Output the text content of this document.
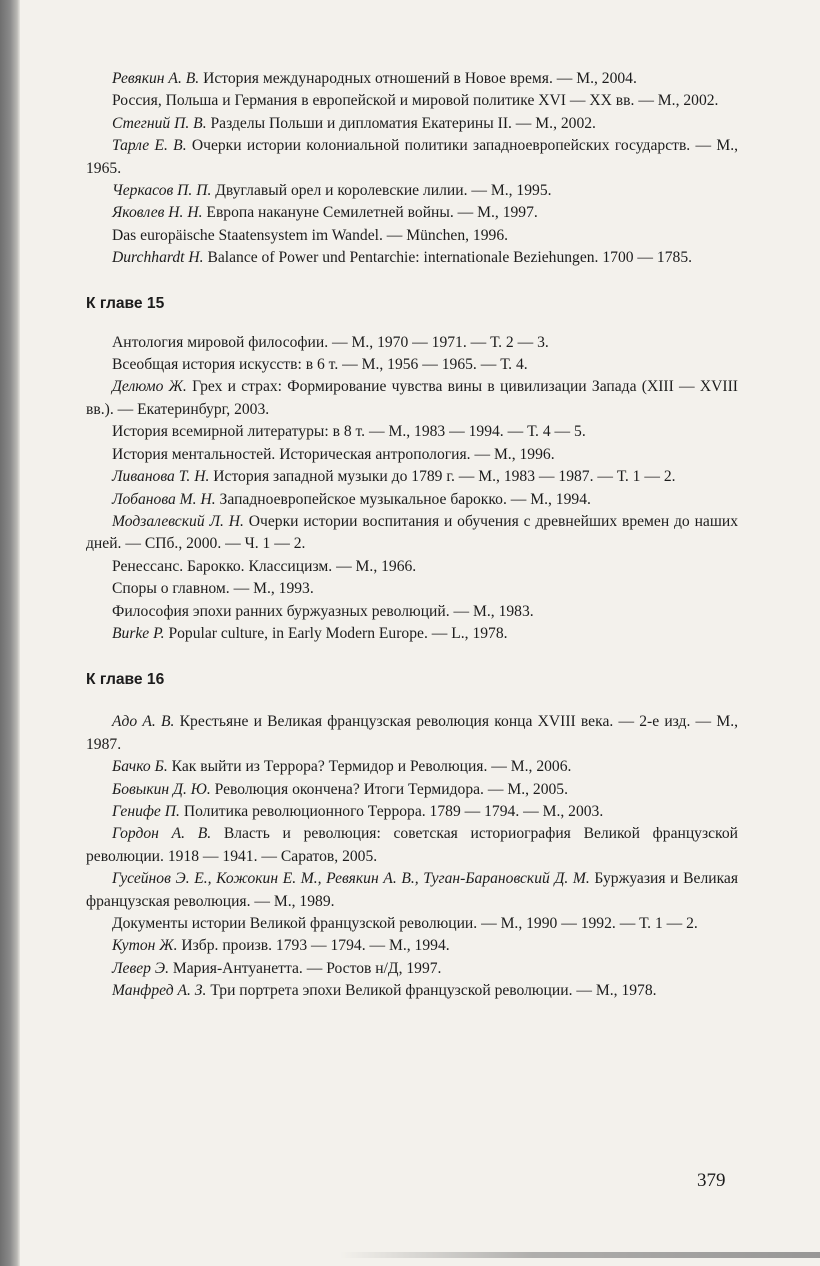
Ревякин А. В. История международных отношений в Новое время. — М., 2004.

Россия, Польша и Германия в европейской и мировой политике XVI — XX вв. — М., 2002.

Стегний П. В. Разделы Польши и дипломатия Екатерины II. — М., 2002.

Тарле Е. В. Очерки истории колониальной политики западноевропейских государств. — М., 1965.

Черкасов П. П. Двуглавый орел и королевские лилии. — М., 1995.

Яковлев Н. Н. Европа накануне Семилетней войны. — М., 1997.

Das europäische Staatensystem im Wandel. — München, 1996.

Durchhardt H. Balance of Power und Pentarchie: internationale Beziehungen. 1700 — 1785.

К главе 15

Антология мировой философии. — М., 1970 — 1971. — Т. 2 — 3.

Всеобщая история искусств: в 6 т. — М., 1956 — 1965. — Т. 4.

Делюмо Ж. Грех и страх: Формирование чувства вины в цивилизации Запада (XIII — XVIII вв.). — Екатеринбург, 2003.

История всемирной литературы: в 8 т. — М., 1983 — 1994. — Т. 4 — 5.

История ментальностей. Историческая антропология. — М., 1996.

Ливанова Т. Н. История западной музыки до 1789 г. — М., 1983 — 1987. — Т. 1 — 2.

Лобанова М. Н. Западноевропейское музыкальное барокко. — М., 1994.

Модзалевский Л. Н. Очерки истории воспитания и обучения с древнейших времен до наших дней. — СПб., 2000. — Ч. 1 — 2.

Ренессанс. Барокко. Классицизм. — М., 1966.

Споры о главном. — М., 1993.

Философия эпохи ранних буржуазных революций. — М., 1983.

Burke P. Popular culture, in Early Modern Europe. — L., 1978.

К главе 16

Адо А. В. Крестьяне и Великая французская революция конца XVIII века. — 2-е изд. — М., 1987.

Бачко Б. Как выйти из Террора? Термидор и Революция. — М., 2006.

Бовыкин Д. Ю. Революция окончена? Итоги Термидора. — М., 2005.

Генифе П. Политика революционного Террора. 1789 — 1794. — М., 2003.

Гордон А. В. Власть и революция: советская историография Великой французской революции. 1918 — 1941. — Саратов, 2005.

Гусейнов Э. Е., Кожокин Е. М., Ревякин А. В., Туган-Барановский Д. М. Буржуазия и Великая французская революция. — М., 1989.

Документы истории Великой французской революции. — М., 1990 — 1992. — Т. 1 — 2.

Кутон Ж. Избр. произв. 1793 — 1794. — М., 1994.

Левер Э. Мария-Антуанетта. — Ростов н/Д, 1997.

Манфред А. З. Три портрета эпохи Великой французской революции. — М., 1978.

379
